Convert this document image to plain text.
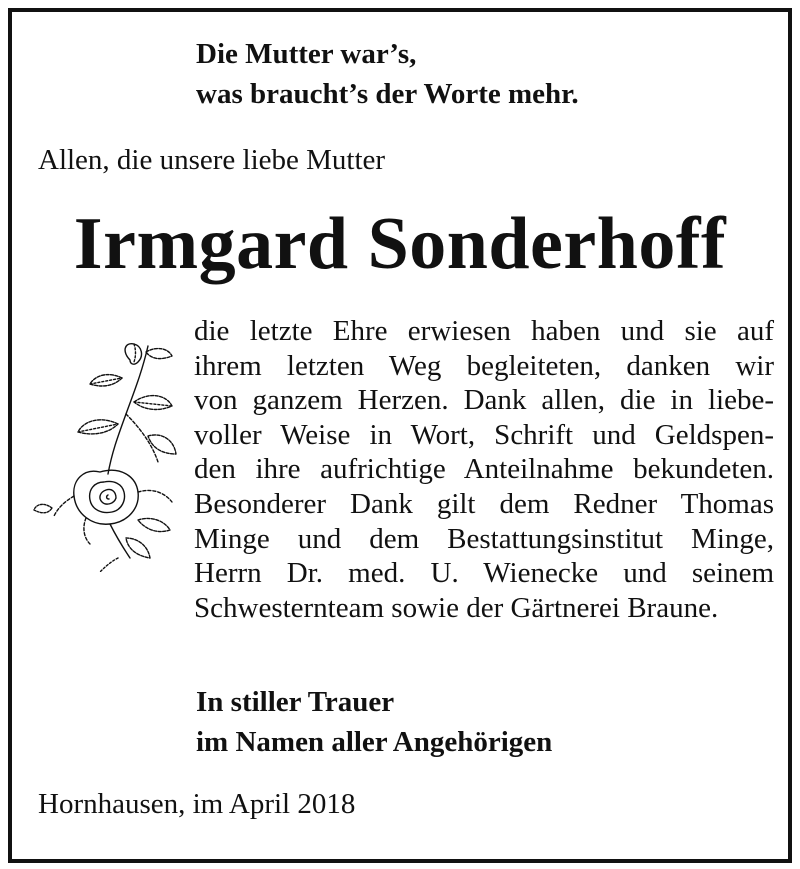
Die Mutter war’s,
was braucht’s der Worte mehr.
Allen, die unsere liebe Mutter
Irmgard Sonderhoff
die letzte Ehre erwiesen haben und sie auf
ihrem letzten Weg begleiteten, danken wir
von ganzem Herzen. Dank allen, die in liebe-
voller Weise in Wort, Schrift und Geldspen-
den ihre aufrichtige Anteilnahme bekundeten.
Besonderer Dank gilt dem Redner Thomas
Minge und dem Bestattungsinstitut Minge,
Herrn Dr. med. U. Wienecke und seinem
Schwesternteam sowie der Gärtnerei Braune.
In stiller Trauer
im Namen aller Angehörigen
Hornhausen, im April 2018
